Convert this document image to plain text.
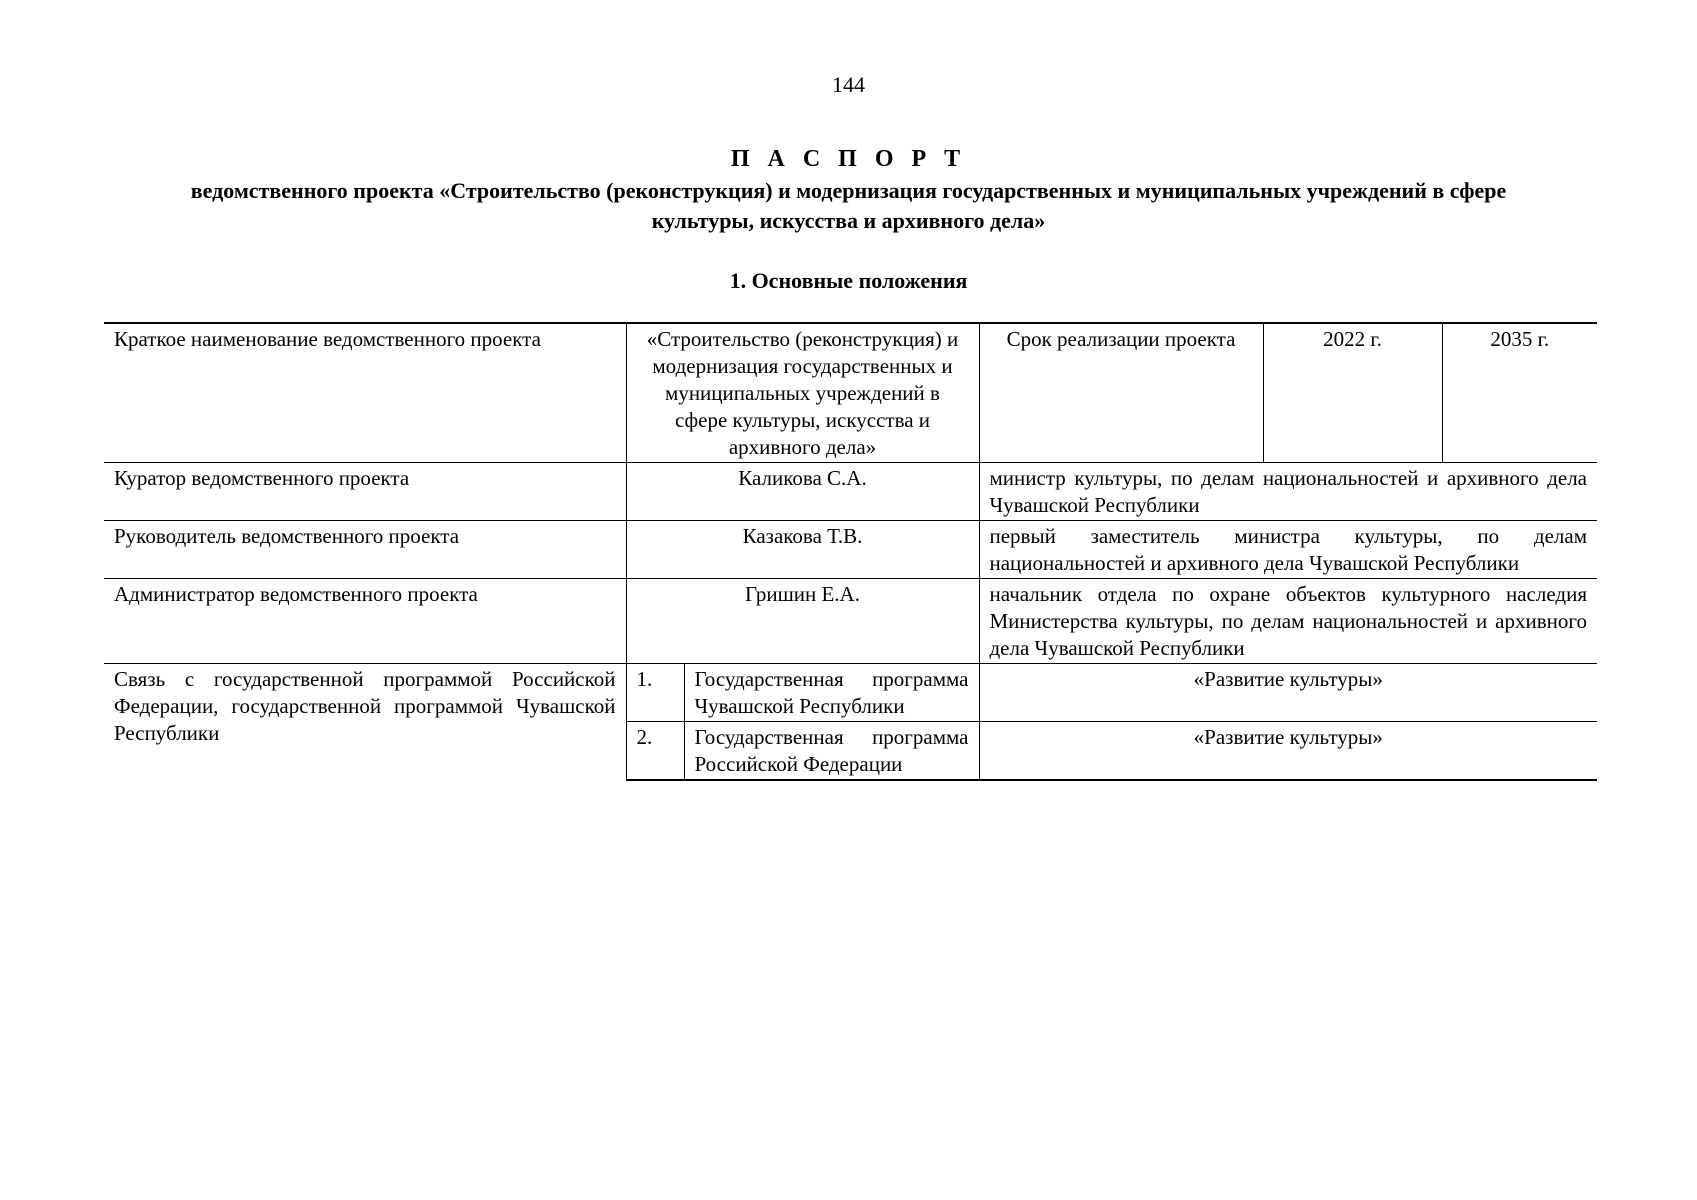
144
П А С П О Р Т
ведомственного проекта «Строительство (реконструкция) и модернизация государственных и муниципальных учреждений в сфере культуры, искусства и архивного дела»
1. Основные положения
Краткое наименование ведомственного проекта	«Строительство (реконструкция) и модернизация государственных и муниципальных учреждений в сфере культуры, искусства и архивного дела»		Срок реализации проекта	2022 г.	2035 г.
Куратор ведомственного проекта	Каликова С.А.		министр культуры, по делам национальностей и архивного дела Чувашской Республики		
Руководитель ведомственного проекта	Казакова Т.В.		первый заместитель министра культуры, по делам национальностей и архивного дела Чувашской Республики		
Администратор ведомственного проекта	Гришин Е.А.		начальник отдела по охране объектов культурного наследия Министерства культуры, по делам национальностей и архивного дела Чувашской Республики		
Связь с государственной программой Российской Федерации, государственной программой Чувашской Республики	1.	Государственная программа Чувашской Республики	«Развитие культуры»		
	2.	Государственная программа Российской Федерации	«Развитие культуры»		
